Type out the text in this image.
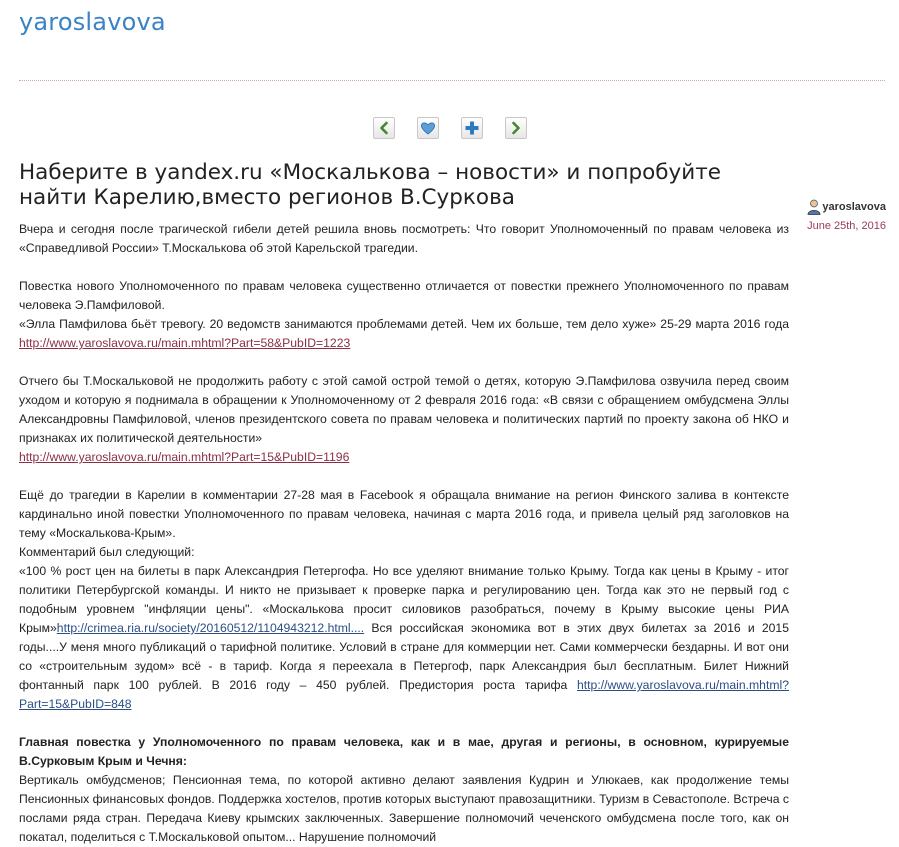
yaroslavova
Наберите в yandex.ru «Москалькова – новости» и попробуйте найти Карелию,вместо регионов В.Суркова	yaroslavova
June 25th, 2016

Вчера и сегодня после трагической гибели детей решила вновь посмотреть: Что говорит Уполномоченный по правам человека из «Справедливой России» Т.Москалькова об этой Карельской трагедии.

Повестка нового Уполномоченного по правам человека существенно отличается от повестки прежнего Уполномоченного по правам человека Э.Памфиловой.

«Элла Памфилова бьёт тревогу. 20 ведомств занимаются проблемами детей. Чем их больше, тем дело хуже» 25-29 марта 2016 года http://www.yaroslavova.ru/main.mhtml?Part=58&PubID=1223

Отчего бы Т.Москальковой не продолжить работу с этой самой острой темой о детях, которую Э.Памфилова озвучила перед своим уходом и которую я поднимала в обращении к Уполномоченному от 2 февраля 2016 года: «В связи с обращением омбудсмена Эллы Александровны Памфиловой, членов президентского совета по правам человека и политических партий по проекту закона об НКО и признаках их политической деятельности»
http://www.yaroslavova.ru/main.mhtml?Part=15&PubID=1196

Ещё до трагедии в Карелии в комментарии 27-28 мая в Facebook я обращала внимание на регион Финского залива в контексте кардинально иной повестки Уполномоченного по правам человека, начиная с марта 2016 года, и привела целый ряд заголовков на тему «Москалькова-Крым».

Комментарий был следующий:

«100 % рост цен на билеты в парк Александрия Петергофа. Но все уделяют внимание только Крыму. Тогда как цены в Крыму - итог политики Петербургской команды. И никто не призывает к проверке парка и регулированию цен. Тогда как это не первый год с подобным уровнем "инфляции цены". «Москалькова просит силовиков разобраться, почему в Крыму высокие цены РИА Крым»http://crimea.ria.ru/society/20160512/1104943212.html.... Вся российская экономика вот в этих двух билетах за 2016 и 2015 годы....У меня много публикаций о тарифной политике. Условий в стране для коммерции нет. Сами коммерчески бездарны. И вот они со «строительным зудом» всё - в тариф. Когда я переехала в Петергоф, парк Александрия был бесплатным. Билет Нижний фонтанный парк 100 рублей. В 2016 году – 450 рублей. Предистория роста тарифа http://www.yaroslavova.ru/main.mhtml?Part=15&PubID=848

Главная повестка у Уполномоченного по правам человека, как и в мае, другая и регионы, в основном, курируемые В.Сурковым Крым и Чечня:

Вертикаль омбудсменов; Пенсионная тема, по которой активно делают заявления Кудрин и Улюкаев, как продолжение темы Пенсионных финансовых фондов. Поддержка хостелов, против которых выступают правозащитники. Туризм в Севастополе. Встреча с послами ряда стран. Передача Киеву крымских заключенных. Завершение полномочий чеченского омбудсмена после того, как он покатал, поделиться с Т.Москальковой опытом... Нарушение полномочий
